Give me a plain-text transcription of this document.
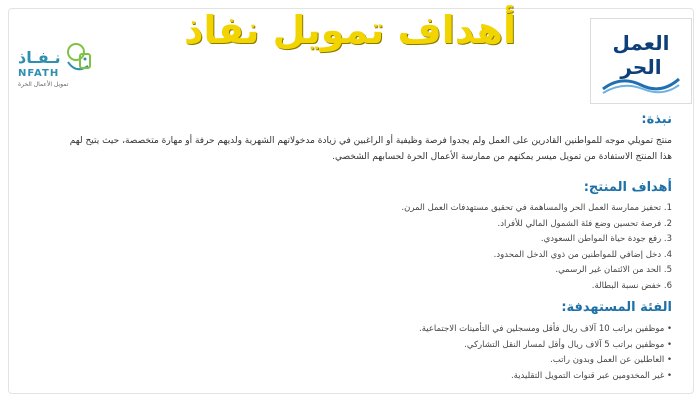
أهداف تمويل نفاذ
نـفـاذ
NFATH
تمويل الأعمال الحرة
العمل
الحر
نبذة:
منتج تمويلي موجه للمواطنين القادرين على العمل ولم يجدوا فرصة وظيفية أو الراغبين في زيادة مدخولاتهم الشهرية ولديهم حرفة أو مهارة متخصصة، حيث يتيح لهم
هذا المنتج الاستفادة من تمويل ميسر يمكنهم من ممارسة الأعمال الحرة لحسابهم الشخصي.
أهداف المنتج:
1. تحفيز ممارسة العمل الحر والمساهمة في تحقيق مستهدفات العمل المرن.
2. فرصة تحسين وضع فئة الشمول المالي للأفراد.
3. رفع جودة حياة المواطن السعودي.
4. دخل إضافي للمواطنين من ذوي الدخل المحدود.
5. الحد من الائتمان غير الرسمي.
6. خفض نسبة البطالة.
الفئة المستهدفة:
• موظفين براتب 10 آلاف ريال فأقل ومسجلين في التأمينات الاجتماعية.
• موظفين براتب 5 آلاف ريال وأقل لمسار النقل التشاركي.
• العاطلين عن العمل وبدون راتب.
• غير المخدومين عبر قنوات التمويل التقليدية.
